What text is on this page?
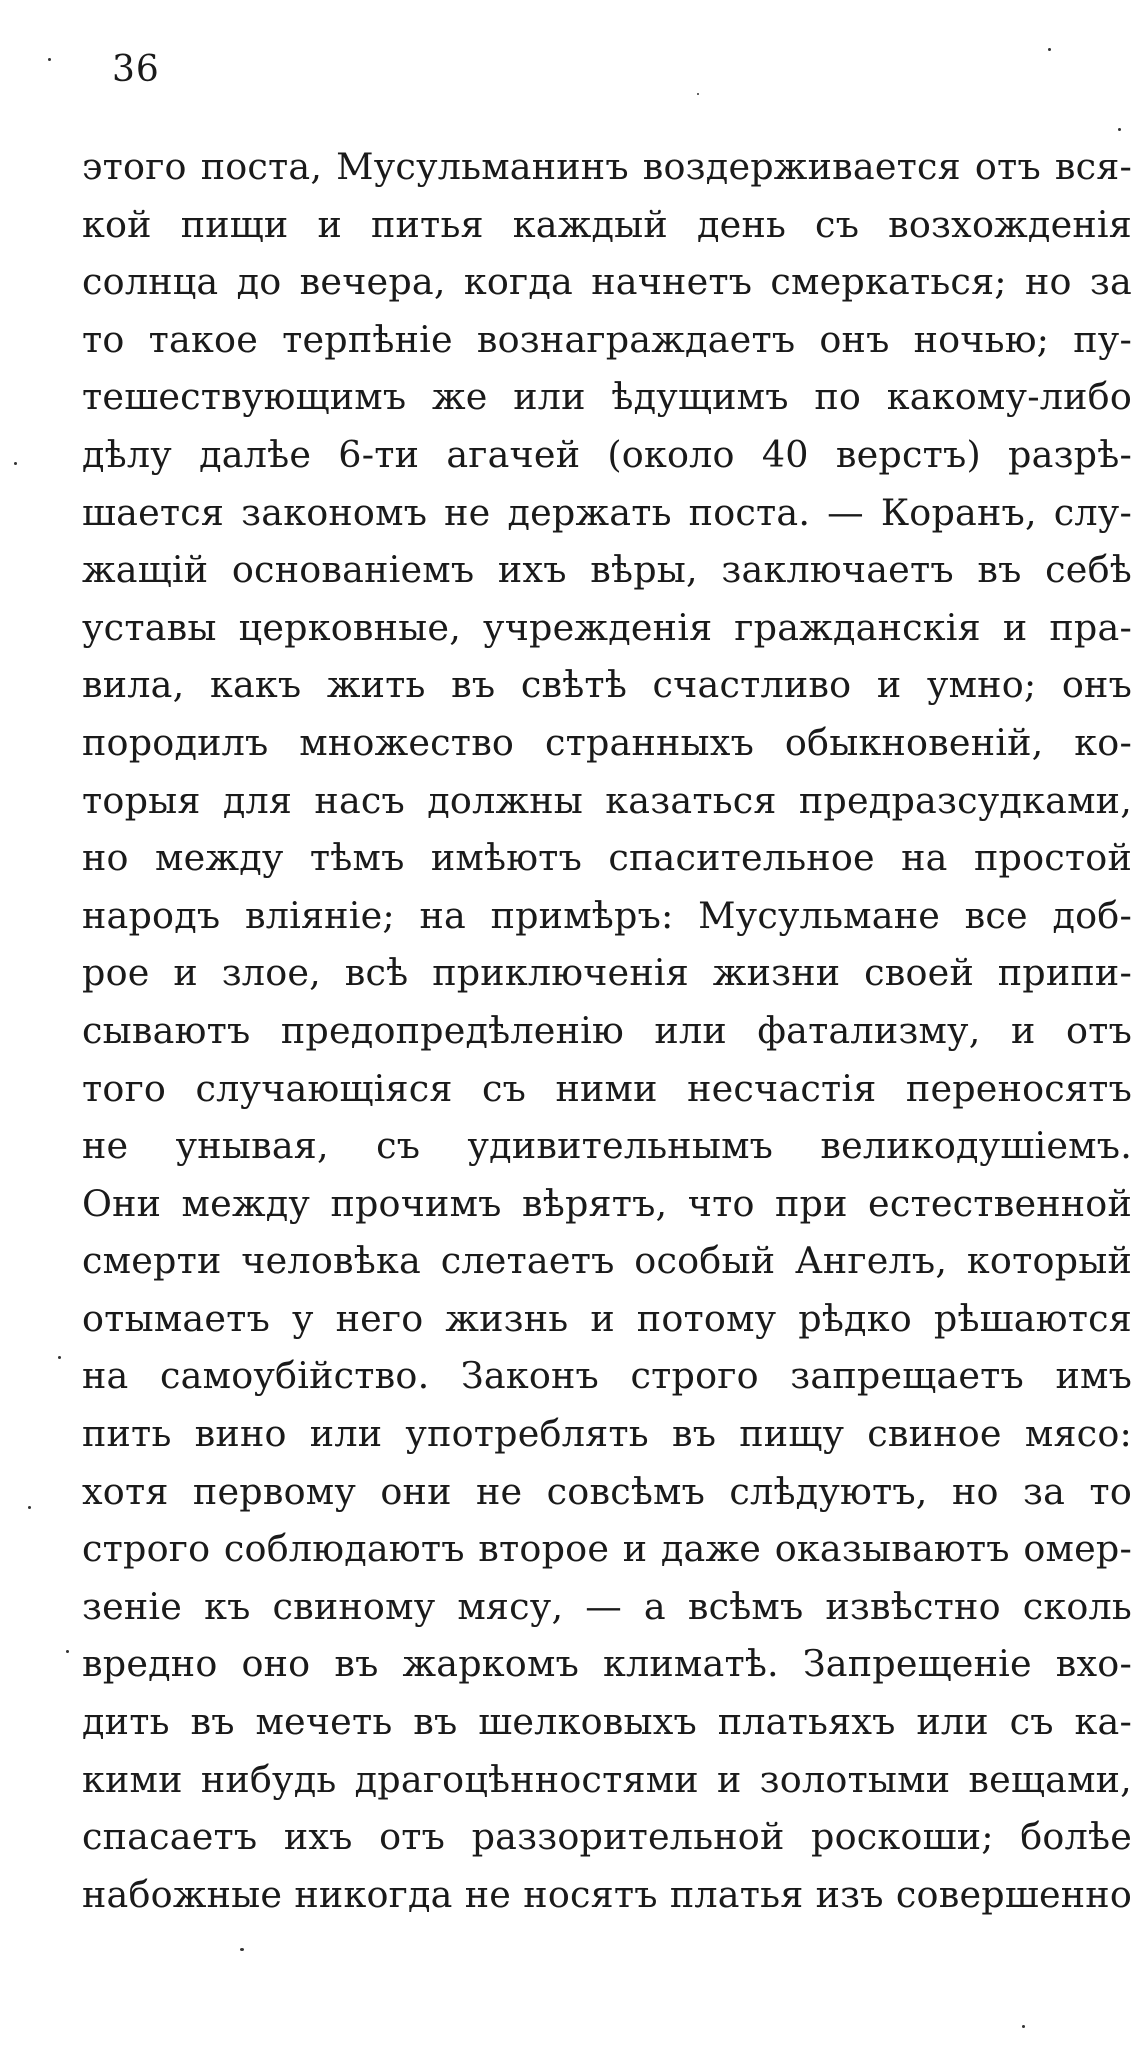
36
этого поста, Мусульманинъ воздерживается отъ вся-
кой пищи и питья каждый день съ возхожденія
солнца до вечера, когда начнетъ смеркаться; но за
то такое терпѣніе вознаграждаетъ онъ ночью; пу-
тешествующимъ же или ѣдущимъ по какому-либо
дѣлу далѣе 6-ти агачей (около 40 верстъ) разрѣ-
шается закономъ не держать поста. — Коранъ, слу-
жащій основаніемъ ихъ вѣры, заключаетъ въ себѣ
уставы церковные, учрежденія гражданскія и пра-
вила, какъ жить въ свѣтѣ счастливо и умно; онъ
породилъ множество странныхъ обыкновеній, ко-
торыя для насъ должны казаться предразсудками,
но между тѣмъ имѣютъ спасительное на простой
народъ вліяніе; на примѣръ: Мусульмане все доб-
рое и злое, всѣ приключенія жизни своей припи-
сываютъ предопредѣленію или фатализму, и отъ
того случающіяся съ ними несчастія переносятъ
не унывая, съ удивительнымъ великодушіемъ.
Они между прочимъ вѣрятъ, что при естественной
смерти человѣка слетаетъ особый Ангелъ, который
отымаетъ у него жизнь и потому рѣдко рѣшаются
на самоубійство. Законъ строго запрещаетъ имъ
пить вино или употреблять въ пищу свиное мясо:
хотя первому они не совсѣмъ слѣдуютъ, но за то
строго соблюдаютъ второе и даже оказываютъ омер-
зеніе къ свиному мясу, — а всѣмъ извѣстно сколь
вредно оно въ жаркомъ климатѣ. Запрещеніе вхо-
дить въ мечеть въ шелковыхъ платьяхъ или съ ка-
кими нибудь драгоцѣнностями и золотыми вещами,
спасаетъ ихъ отъ раззорительной роскоши; болѣе
набожные никогда не носятъ платья изъ совершенно
